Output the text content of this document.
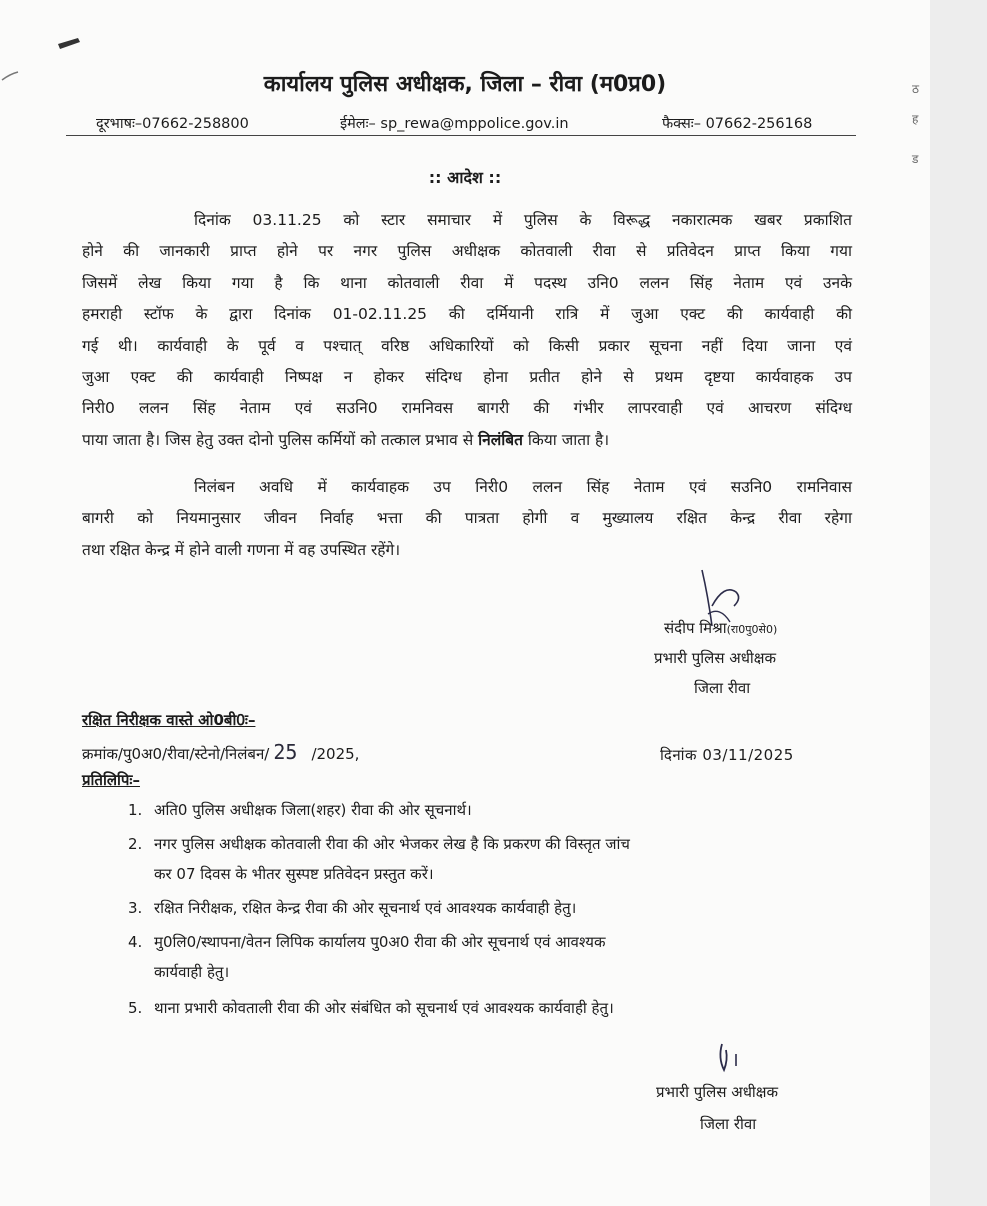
कार्यालय पुलिस अधीक्षक, जिला – रीवा (म0प्र0)
दूरभाषः–07662-258800	ईमेलः– sp_rewa@mppolice.gov.in	फैक्सः– 07662-256168
:: आदेश ::
दिनांक 03.11.25 को स्टार समाचार में पुलिस के विरूद्ध नकारात्मक खबर प्रकाशित
होने की जानकारी प्राप्त होने पर नगर पुलिस अधीक्षक कोतवाली रीवा से प्रतिवेदन प्राप्त किया गया
जिसमें लेख किया गया है कि थाना कोतवाली रीवा में पदस्थ उनि0 ललन सिंह नेताम एवं उनके
हमराही स्टॉफ के द्वारा दिनांक 01-02.11.25 की दर्मियानी रात्रि में जुआ एक्ट की कार्यवाही की
गई थी। कार्यवाही के पूर्व व पश्चात् वरिष्ठ अधिकारियों को किसी प्रकार सूचना नहीं दिया जाना एवं
जुआ एक्ट की कार्यवाही निष्पक्ष न होकर संदिग्ध होना प्रतीत होने से प्रथम दृष्टया कार्यवाहक उप
निरी0 ललन सिंह नेताम एवं सउनि0 रामनिवस बागरी की गंभीर लापरवाही एवं आचरण संदिग्ध
पाया जाता है। जिस हेतु उक्त दोनो पुलिस कर्मियों को तत्काल प्रभाव से निलंबित किया जाता है।
निलंबन अवधि में कार्यवाहक उप निरी0 ललन सिंह नेताम एवं सउनि0 रामनिवास
बागरी को नियमानुसार जीवन निर्वाह भत्ता की पात्रता होगी व मुख्यालय रक्षित केन्द्र रीवा रहेगा
तथा रक्षित केन्द्र में होने वाली गणना में वह उपस्थित रहेंगे।
संदीप मिश्रा(रा0पु0से0)
प्रभारी पुलिस अधीक्षक
जिला रीवा
रक्षित निरीक्षक वास्ते ओ0बी0ः–
क्रमांक/पु0अ0/रीवा/स्टेनो/निलंबन/ 25 /2025,	दिनांक 03/11/2025
प्रतिलिपिः–
1. अति0 पुलिस अधीक्षक जिला(शहर) रीवा की ओर सूचनार्थ।
2. नगर पुलिस अधीक्षक कोतवाली रीवा की ओर भेजकर लेख है कि प्रकरण की विस्तृत जांच
कर 07 दिवस के भीतर सुस्पष्ट प्रतिवेदन प्रस्तुत करें।
3. रक्षित निरीक्षक, रक्षित केन्द्र रीवा की ओर सूचनार्थ एवं आवश्यक कार्यवाही हेतु।
4. मु0लि0/स्थापना/वेतन लिपिक कार्यालय पु0अ0 रीवा की ओर सूचनार्थ एवं आवश्यक
कार्यवाही हेतु।
5. थाना प्रभारी कोवताली रीवा की ओर संबंधित को सूचनार्थ एवं आवश्यक कार्यवाही हेतु।
प्रभारी पुलिस अधीक्षक
जिला रीवा
ठ
ह
ड
